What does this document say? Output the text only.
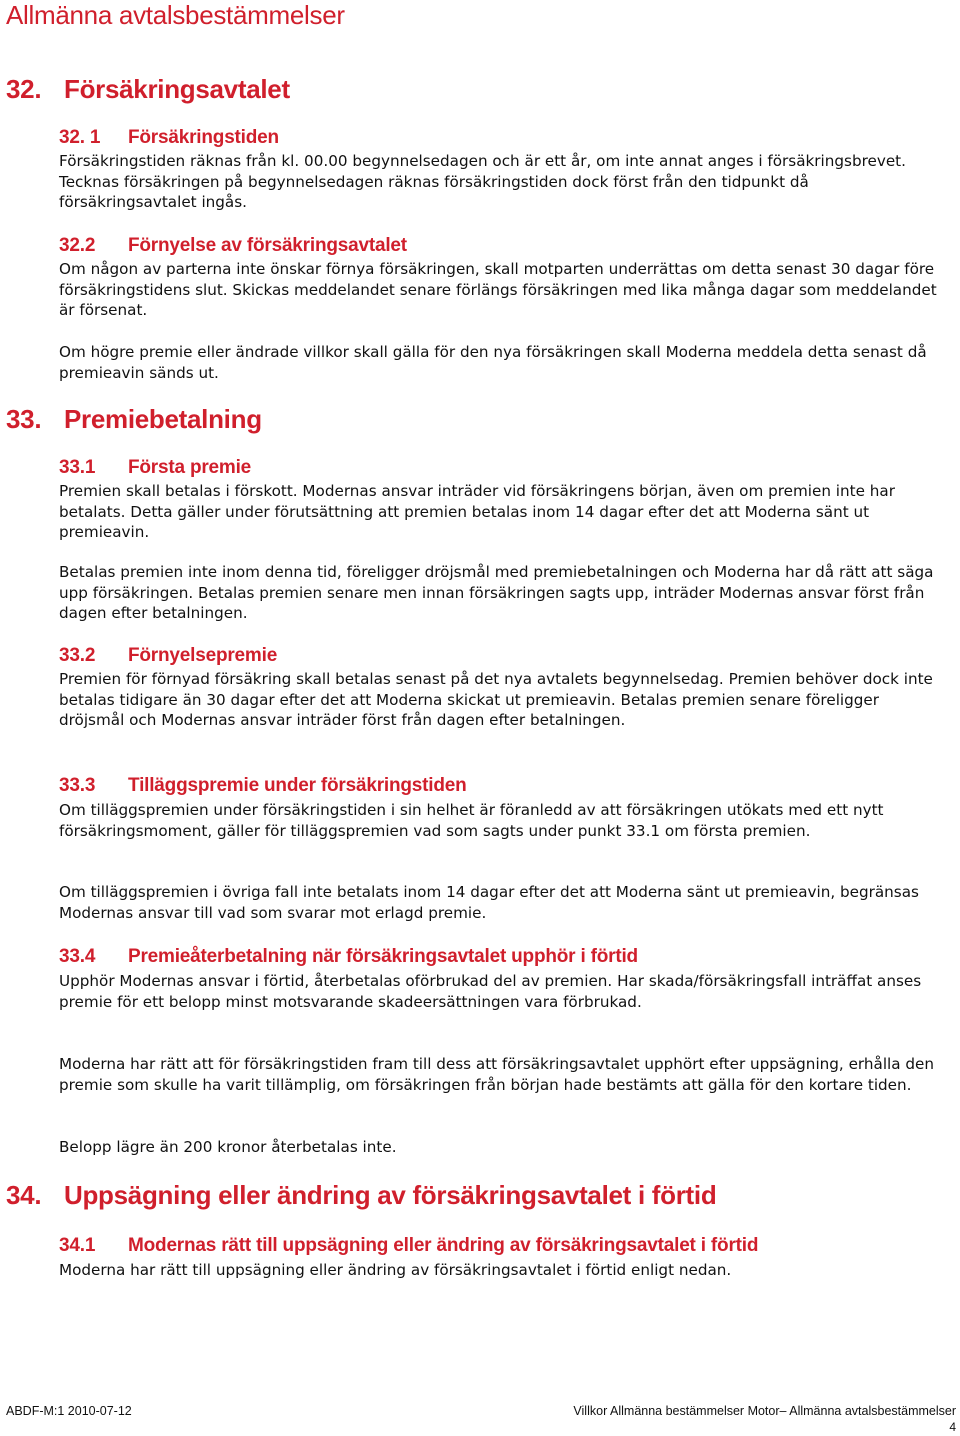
Allmänna avtalsbestämmelser
32. Försäkringsavtalet
32. 1 Försäkringstiden

Försäkringstiden räknas från kl. 00.00 begynnelsedagen och är ett år, om inte annat anges i försäkringsbrevet. Tecknas försäkringen på begynnelsedagen räknas försäkringstiden dock först från den tidpunkt då försäkringsavtalet ingås.

32.2 Förnyelse av försäkringsavtalet

Om någon av parterna inte önskar förnya försäkringen, skall motparten underrättas om detta senast 30 dagar före försäkringstidens slut. Skickas meddelandet senare förlängs försäkringen med lika många dagar som meddelandet är försenat.

Om högre premie eller ändrade villkor skall gälla för den nya försäkringen skall Moderna meddela detta senast då premieavin sänds ut.

33. Premiebetalning
33.1 Första premie

Premien skall betalas i förskott. Modernas ansvar inträder vid försäkringens början, även om premien inte har betalats. Detta gäller under förutsättning att premien betalas inom 14 dagar efter det att Moderna sänt ut premieavin.

Betalas premien inte inom denna tid, föreligger dröjsmål med premiebetalningen och Moderna har då rätt att säga upp försäkringen. Betalas premien senare men innan försäkringen sagts upp, inträder Modernas ansvar först från dagen efter betalningen.

33.2 Förnyelsepremie

Premien för förnyad försäkring skall betalas senast på det nya avtalets begynnelsedag. Premien behöver dock inte betalas tidigare än 30 dagar efter det att Moderna skickat ut premieavin. Betalas premien senare föreligger dröjsmål och Modernas ansvar inträder först från dagen efter betalningen.

33.3 Tilläggspremie under försäkringstiden

Om tilläggspremien under försäkringstiden i sin helhet är föranledd av att försäkringen utökats med ett nytt försäkringsmoment, gäller för tilläggspremien vad som sagts under punkt 33.1 om första premien.

Om tilläggspremien i övriga fall inte betalats inom 14 dagar efter det att Moderna sänt ut premieavin, begränsas Modernas ansvar till vad som svarar mot erlagd premie.

33.4 Premieåterbetalning när försäkringsavtalet upphör i förtid

Upphör Modernas ansvar i förtid, återbetalas oförbrukad del av premien. Har skada/försäkringsfall inträffat anses premie för ett belopp minst motsvarande skadeersättningen vara förbrukad.

Moderna har rätt att för försäkringstiden fram till dess att försäkringsavtalet upphört efter uppsägning, erhålla den premie som skulle ha varit tillämplig, om försäkringen från början hade bestämts att gälla för den kortare tiden.

Belopp lägre än 200 kronor återbetalas inte.

34. Uppsägning eller ändring av försäkringsavtalet i förtid
34.1 Modernas rätt till uppsägning eller ändring av försäkringsavtalet i förtid

Moderna har rätt till uppsägning eller ändring av försäkringsavtalet i förtid enligt nedan.

ABDF-M:1 2010-07-12	Villkor Allmänna bestämmelser Motor– Allmänna avtalsbestämmelser
4
